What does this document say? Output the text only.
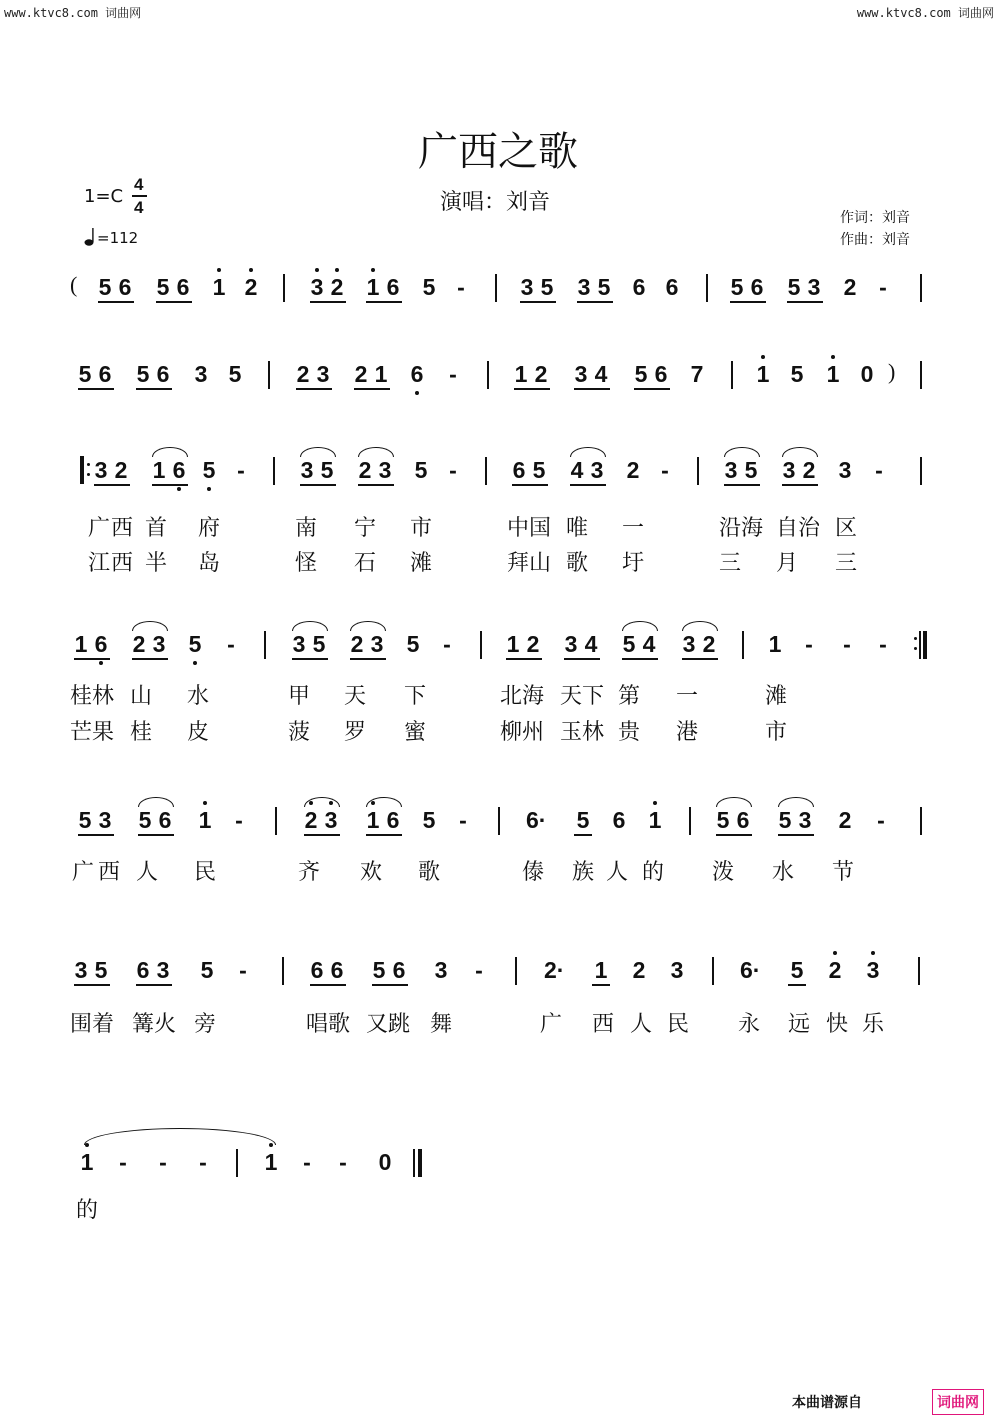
www.ktvc8.com 词曲网	www.ktvc8.com 词曲网
广西之歌
演唱：刘音
作词：刘音
作曲：刘音
1=C
4
4
=112
( 5 6 5 6 1 2 3 2 1 6 5 - 3 5 3 5 6 6 5 6 5 3 2 -
5 6 5 6 3 5 2 3 2 1 6 -	1 2 3 4 5 6 7 1 5 1 0 )
3 2 1 6 5 - 3 5 2 3 5 - 6 5 4 3 2 - 3 5 3 2 3 -
广 西 首 府	南 宁 市	中国 唯 一	沿海 自治 区
江 西 半 岛	怪 石 滩	拜山 歌 圩	三 月 三
1 6 2 3 5 -	3 5 2 3 5 - 1 2 3 4 5 4 3 2 1 - - -
桂林 山 水	甲 天 下	北海 天下 第 一	滩
芒果 桂 皮	菠 罗 蜜	柳州 玉林 贵 港	市
5 3 5 6 1 -	2 3 1 6 5 -	6· 5 6 1 5 6 5 3 2 -
广 西 人 民	齐 欢 歌	傣 族 人 的 泼 水 节
3 5 6 3 5 -	6 6 5 6 3 -	2· 1 2 3 6· 5 2 3
围着 篝火 旁	唱歌 又跳 舞	广 西 人 民 永 远 快 乐
1 - - -	1 - - 0
的
本曲谱源自	词曲网
